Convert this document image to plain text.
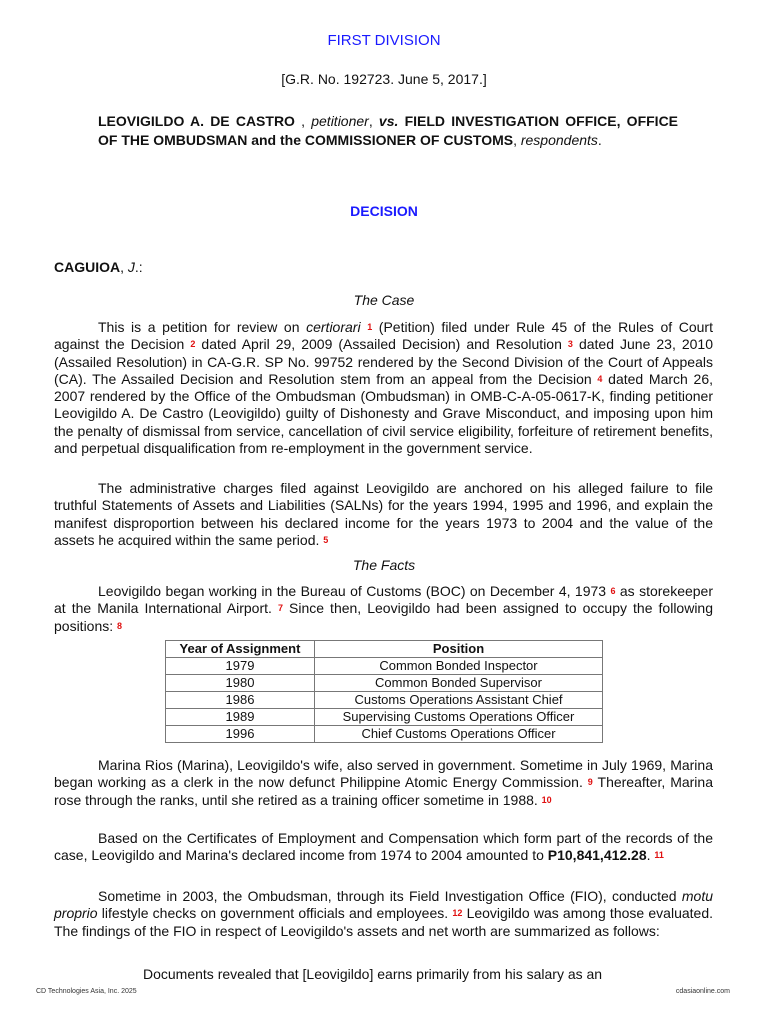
FIRST DIVISION
[G.R. No. 192723. June 5, 2017.]
LEOVIGILDO A. DE CASTRO , petitioner, vs. FIELD INVESTIGATION OFFICE, OFFICE OF THE OMBUDSMAN and the COMMISSIONER OF CUSTOMS, respondents.
DECISION
CAGUIOA, J.:
The Case
This is a petition for review on certiorari 1 (Petition) filed under Rule 45 of the Rules of Court against the Decision 2 dated April 29, 2009 (Assailed Decision) and Resolution 3 dated June 23, 2010 (Assailed Resolution) in CA-G.R. SP No. 99752 rendered by the Second Division of the Court of Appeals (CA). The Assailed Decision and Resolution stem from an appeal from the Decision 4 dated March 26, 2007 rendered by the Office of the Ombudsman (Ombudsman) in OMB-C-A-05-0617-K, finding petitioner Leovigildo A. De Castro (Leovigildo) guilty of Dishonesty and Grave Misconduct, and imposing upon him the penalty of dismissal from service, cancellation of civil service eligibility, forfeiture of retirement benefits, and perpetual disqualification from re-employment in the government service.
The administrative charges filed against Leovigildo are anchored on his alleged failure to file truthful Statements of Assets and Liabilities (SALNs) for the years 1994, 1995 and 1996, and explain the manifest disproportion between his declared income for the years 1973 to 2004 and the value of the assets he acquired within the same period. 5
The Facts
Leovigildo began working in the Bureau of Customs (BOC) on December 4, 1973 6 as storekeeper at the Manila International Airport. 7 Since then, Leovigildo had been assigned to occupy the following positions: 8
Year of Assignment	Position
1979	Common Bonded Inspector
1980	Common Bonded Supervisor
1986	Customs Operations Assistant Chief
1989	Supervising Customs Operations Officer
1996	Chief Customs Operations Officer
Marina Rios (Marina), Leovigildo's wife, also served in government. Sometime in July 1969, Marina began working as a clerk in the now defunct Philippine Atomic Energy Commission. 9 Thereafter, Marina rose through the ranks, until she retired as a training officer sometime in 1988. 10
Based on the Certificates of Employment and Compensation which form part of the records of the case, Leovigildo and Marina's declared income from 1974 to 2004 amounted to P10,841,412.28. 11
Sometime in 2003, the Ombudsman, through its Field Investigation Office (FIO), conducted motu proprio lifestyle checks on government officials and employees. 12 Leovigildo was among those evaluated. The findings of the FIO in respect of Leovigildo's assets and net worth are summarized as follows:
Documents revealed that [Leovigildo] earns primarily from his salary as an
CD Technologies Asia, Inc. 2025	cdasiaonline.com
